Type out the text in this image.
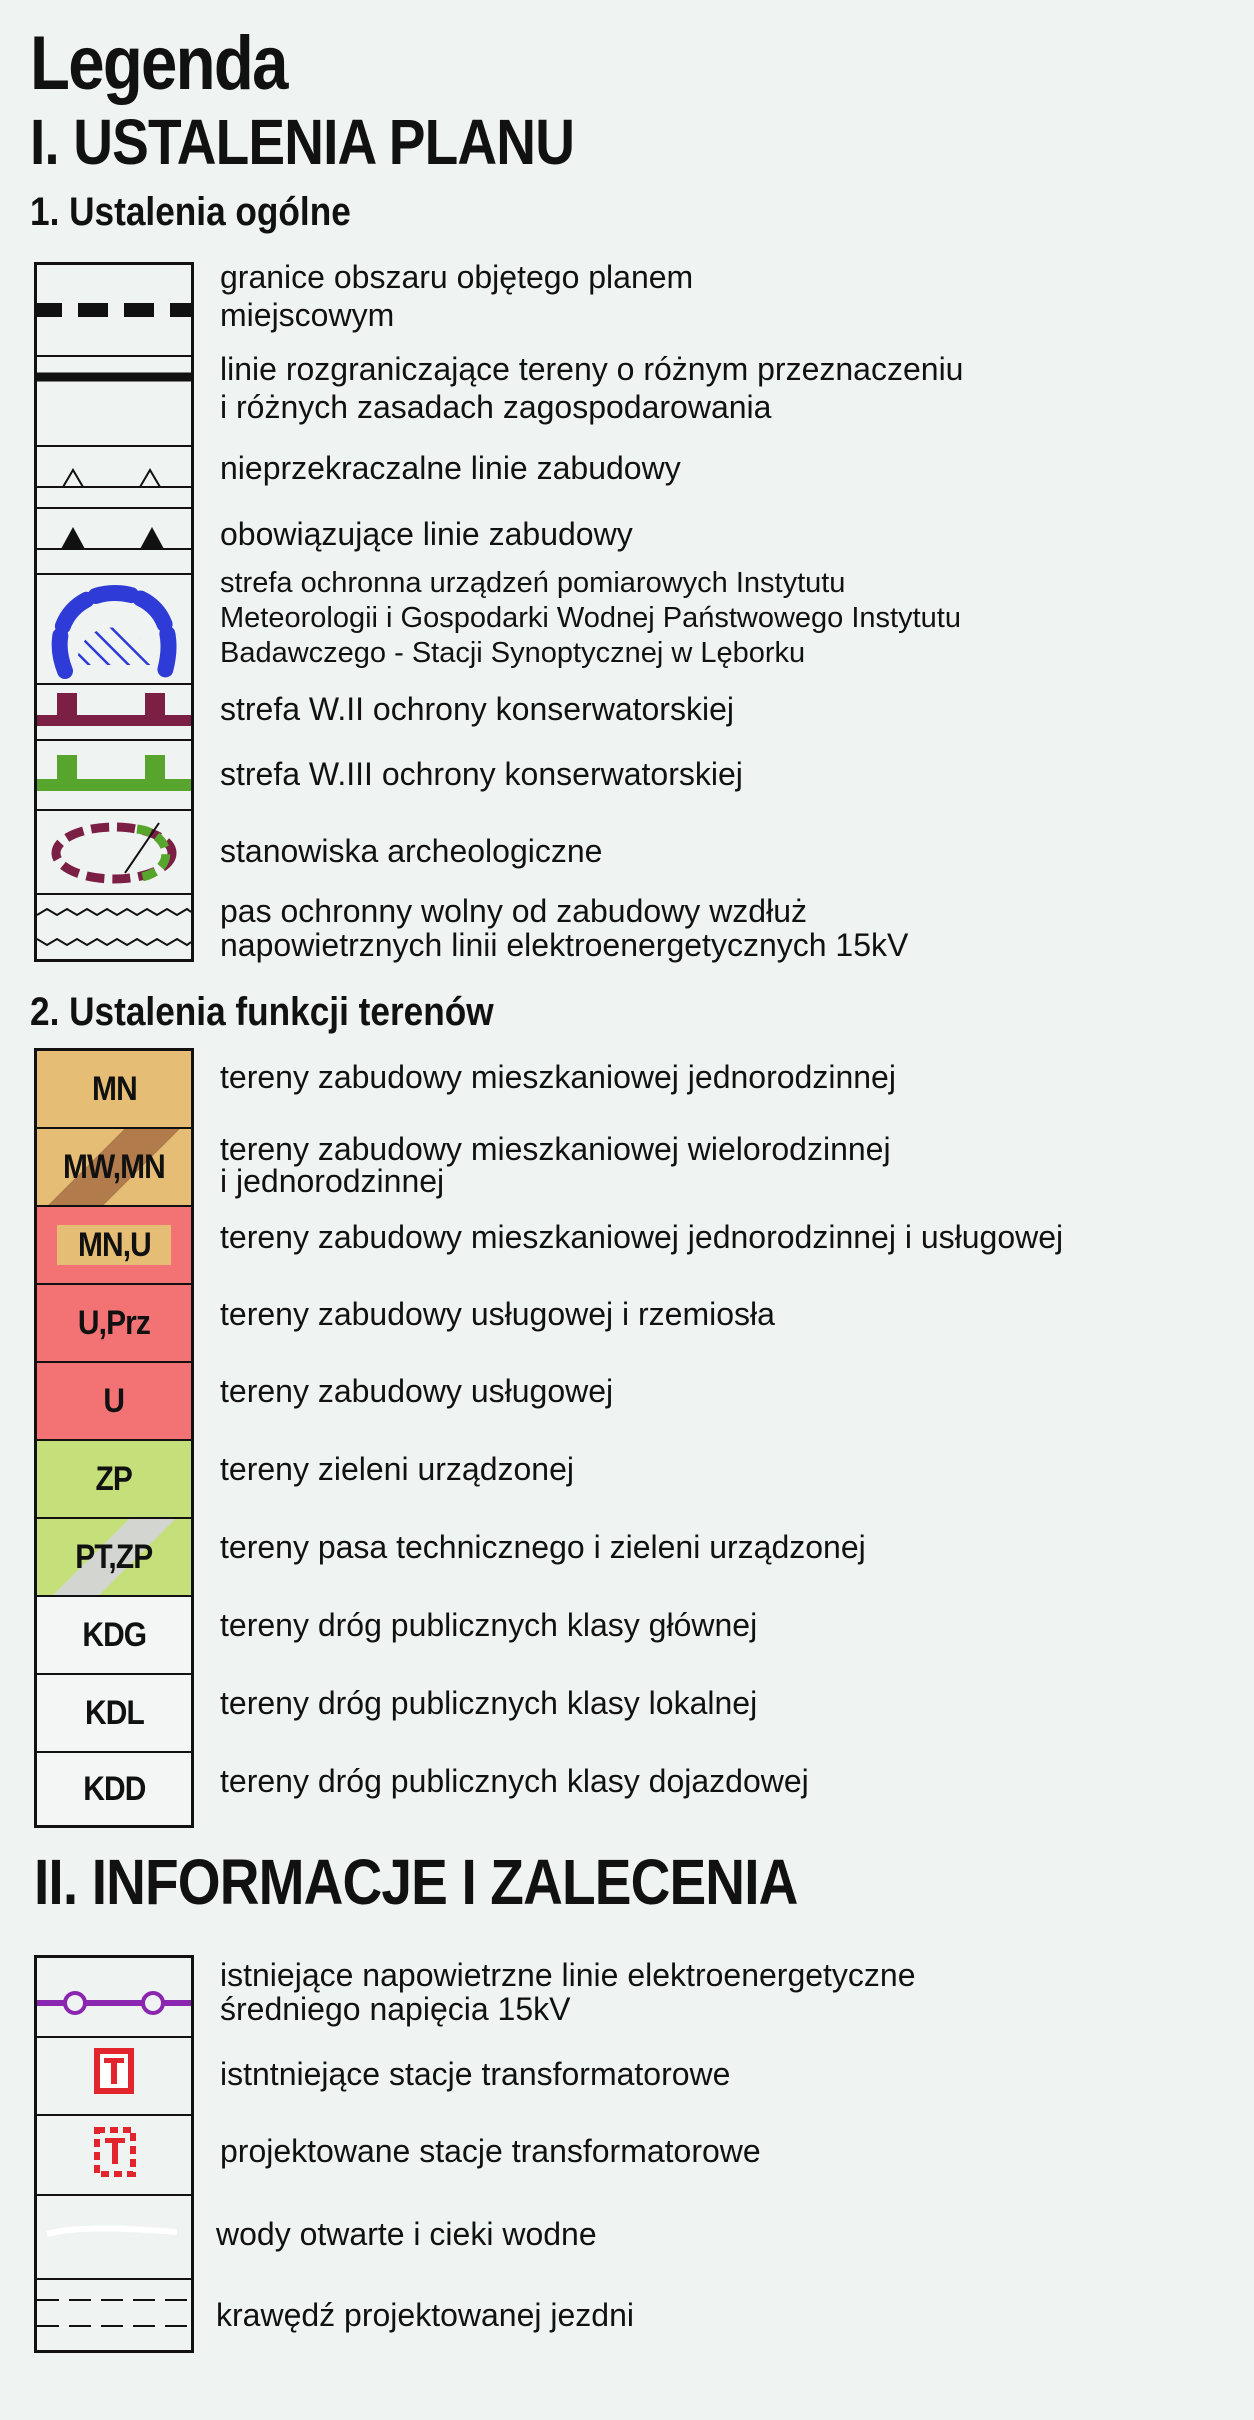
Legenda
I. USTALENIA PLANU
1. Ustalenia ogólne
granice obszaru objętego planem
miejscowym
linie rozgraniczające tereny o różnym przeznaczeniu
i różnych zasadach zagospodarowania
nieprzekraczalne linie zabudowy
obowiązujące linie zabudowy
strefa ochronna urządzeń pomiarowych Instytutu
Meteorologii i Gospodarki Wodnej Państwowego Instytutu
Badawczego - Stacji Synoptycznej w Lęborku
strefa W.II ochrony konserwatorskiej
strefa W.III ochrony konserwatorskiej
stanowiska archeologiczne
pas ochronny wolny od zabudowy wzdłuż
napowietrznych linii elektroenergetycznych 15kV
2. Ustalenia funkcji terenów
MN
MW,MN
MN,U
U,Prz
U
ZP
PT,ZP
KDG
KDL
KDD
tereny zabudowy mieszkaniowej jednorodzinnej
tereny zabudowy mieszkaniowej wielorodzinnej
i jednorodzinnej
tereny zabudowy mieszkaniowej jednorodzinnej i usługowej
tereny zabudowy usługowej i rzemiosła
tereny zabudowy usługowej
tereny zieleni urządzonej
tereny pasa technicznego i zieleni urządzonej
tereny dróg publicznych klasy głównej
tereny dróg publicznych klasy lokalnej
tereny dróg publicznych klasy dojazdowej
II. INFORMACJE I ZALECENIA
istniejące napowietrzne linie elektroenergetyczne
średniego napięcia 15kV
istntniejące stacje transformatorowe
projektowane stacje transformatorowe
wody otwarte i cieki wodne
krawędź projektowanej jezdni
